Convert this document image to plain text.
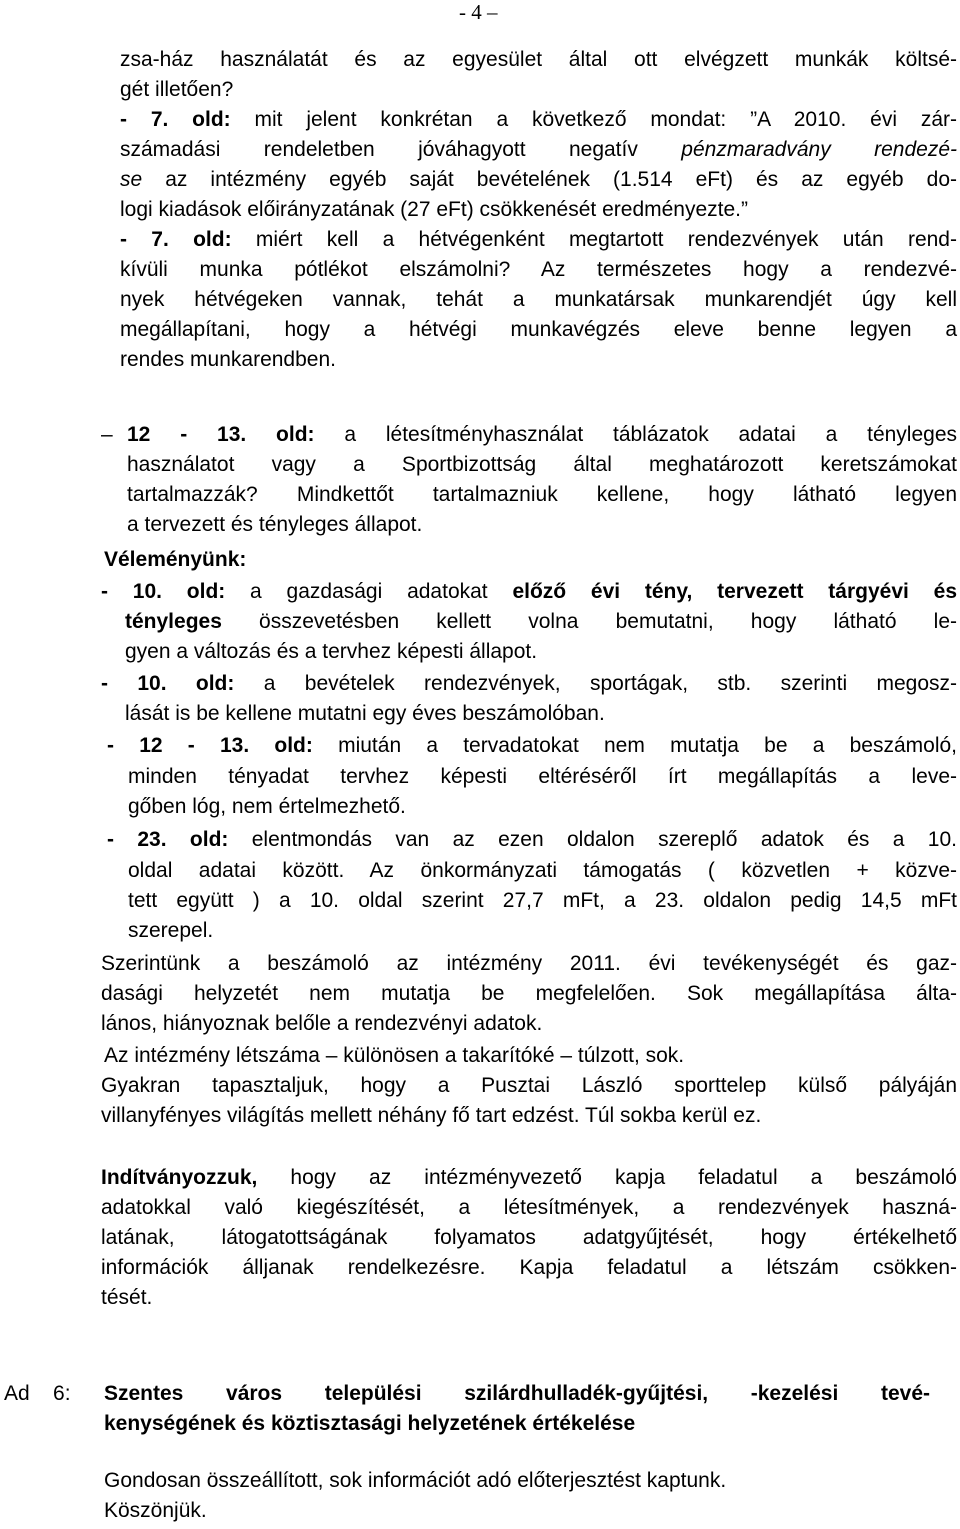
- 4 –
zsa-ház használatát és az egyesület által ott elvégzett munkák költsé-
gét illetően?
- 7. old: mit jelent konkrétan a következő mondat: ”A 2010. évi zár-
számadási rendeletben jóváhagyott negatív pénzmaradvány rendezé-
se az intézmény egyéb saját bevételének (1.514 eFt) és az egyéb do-
logi kiadások előirányzatának (27 eFt) csökkenését eredményezte.”
- 7. old: miért kell a hétvégenként megtartott rendezvények után rend-
kívüli munka pótlékot elszámolni? Az természetes hogy a rendezvé-
nyek hétvégeken vannak, tehát a munkatársak munkarendjét úgy kell
megállapítani, hogy a hétvégi munkavégzés eleve benne legyen a
rendes munkarendben.
– 12 - 13. old: a létesítményhasználat táblázatok adatai a tényleges
használatot vagy a Sportbizottság által meghatározott keretszámokat
tartalmazzák? Mindkettőt tartalmazniuk kellene, hogy látható legyen
a tervezett és tényleges állapot.
Véleményünk:
- 10. old: a gazdasági adatokat előző évi tény, tervezett tárgyévi és
tényleges összevetésben kellett volna bemutatni, hogy látható le-
gyen a változás és a tervhez képesti állapot.
- 10. old: a bevételek rendezvények, sportágak, stb. szerinti megosz-
lását is be kellene mutatni egy éves beszámolóban.
- 12 - 13. old: miután a tervadatokat nem mutatja be a beszámoló,
minden tényadat tervhez képesti eltéréséről írt megállapítás a leve-
gőben lóg, nem értelmezhető.
- 23. old: elentmondás van az ezen oldalon szereplő adatok és a 10.
oldal adatai között. Az önkormányzati támogatás ( közvetlen + közve-
tett együtt ) a 10. oldal szerint 27,7 mFt, a 23. oldalon pedig 14,5 mFt
szerepel.
Szerintünk a beszámoló az intézmény 2011. évi tevékenységét és gaz-
dasági helyzetét nem mutatja be megfelelően. Sok megállapítása álta-
lános, hiányoznak belőle a rendezvényi adatok.
Az intézmény létszáma – különösen a takarítóké – túlzott, sok.
Gyakran tapasztaljuk, hogy a Pusztai László sporttelep külső pályáján
villanyfényes világítás mellett néhány fő tart edzést. Túl sokba kerül ez.
Indítványozzuk, hogy az intézményvezető kapja feladatul a beszámoló
adatokkal való kiegészítését, a létesítmények, a rendezvények haszná-
latának, látogatottságának folyamatos adatgyűjtését, hogy értékelhető
információk álljanak rendelkezésre. Kapja feladatul a létszám csökken-
tését.
Ad    6:	Szentes város települési szilárdhulladék-gyűjtési, -kezelési tevé-
kenységének és köztisztasági helyzetének értékelése
Gondosan összeállított, sok információt adó előterjesztést kaptunk.
Köszönjük.
